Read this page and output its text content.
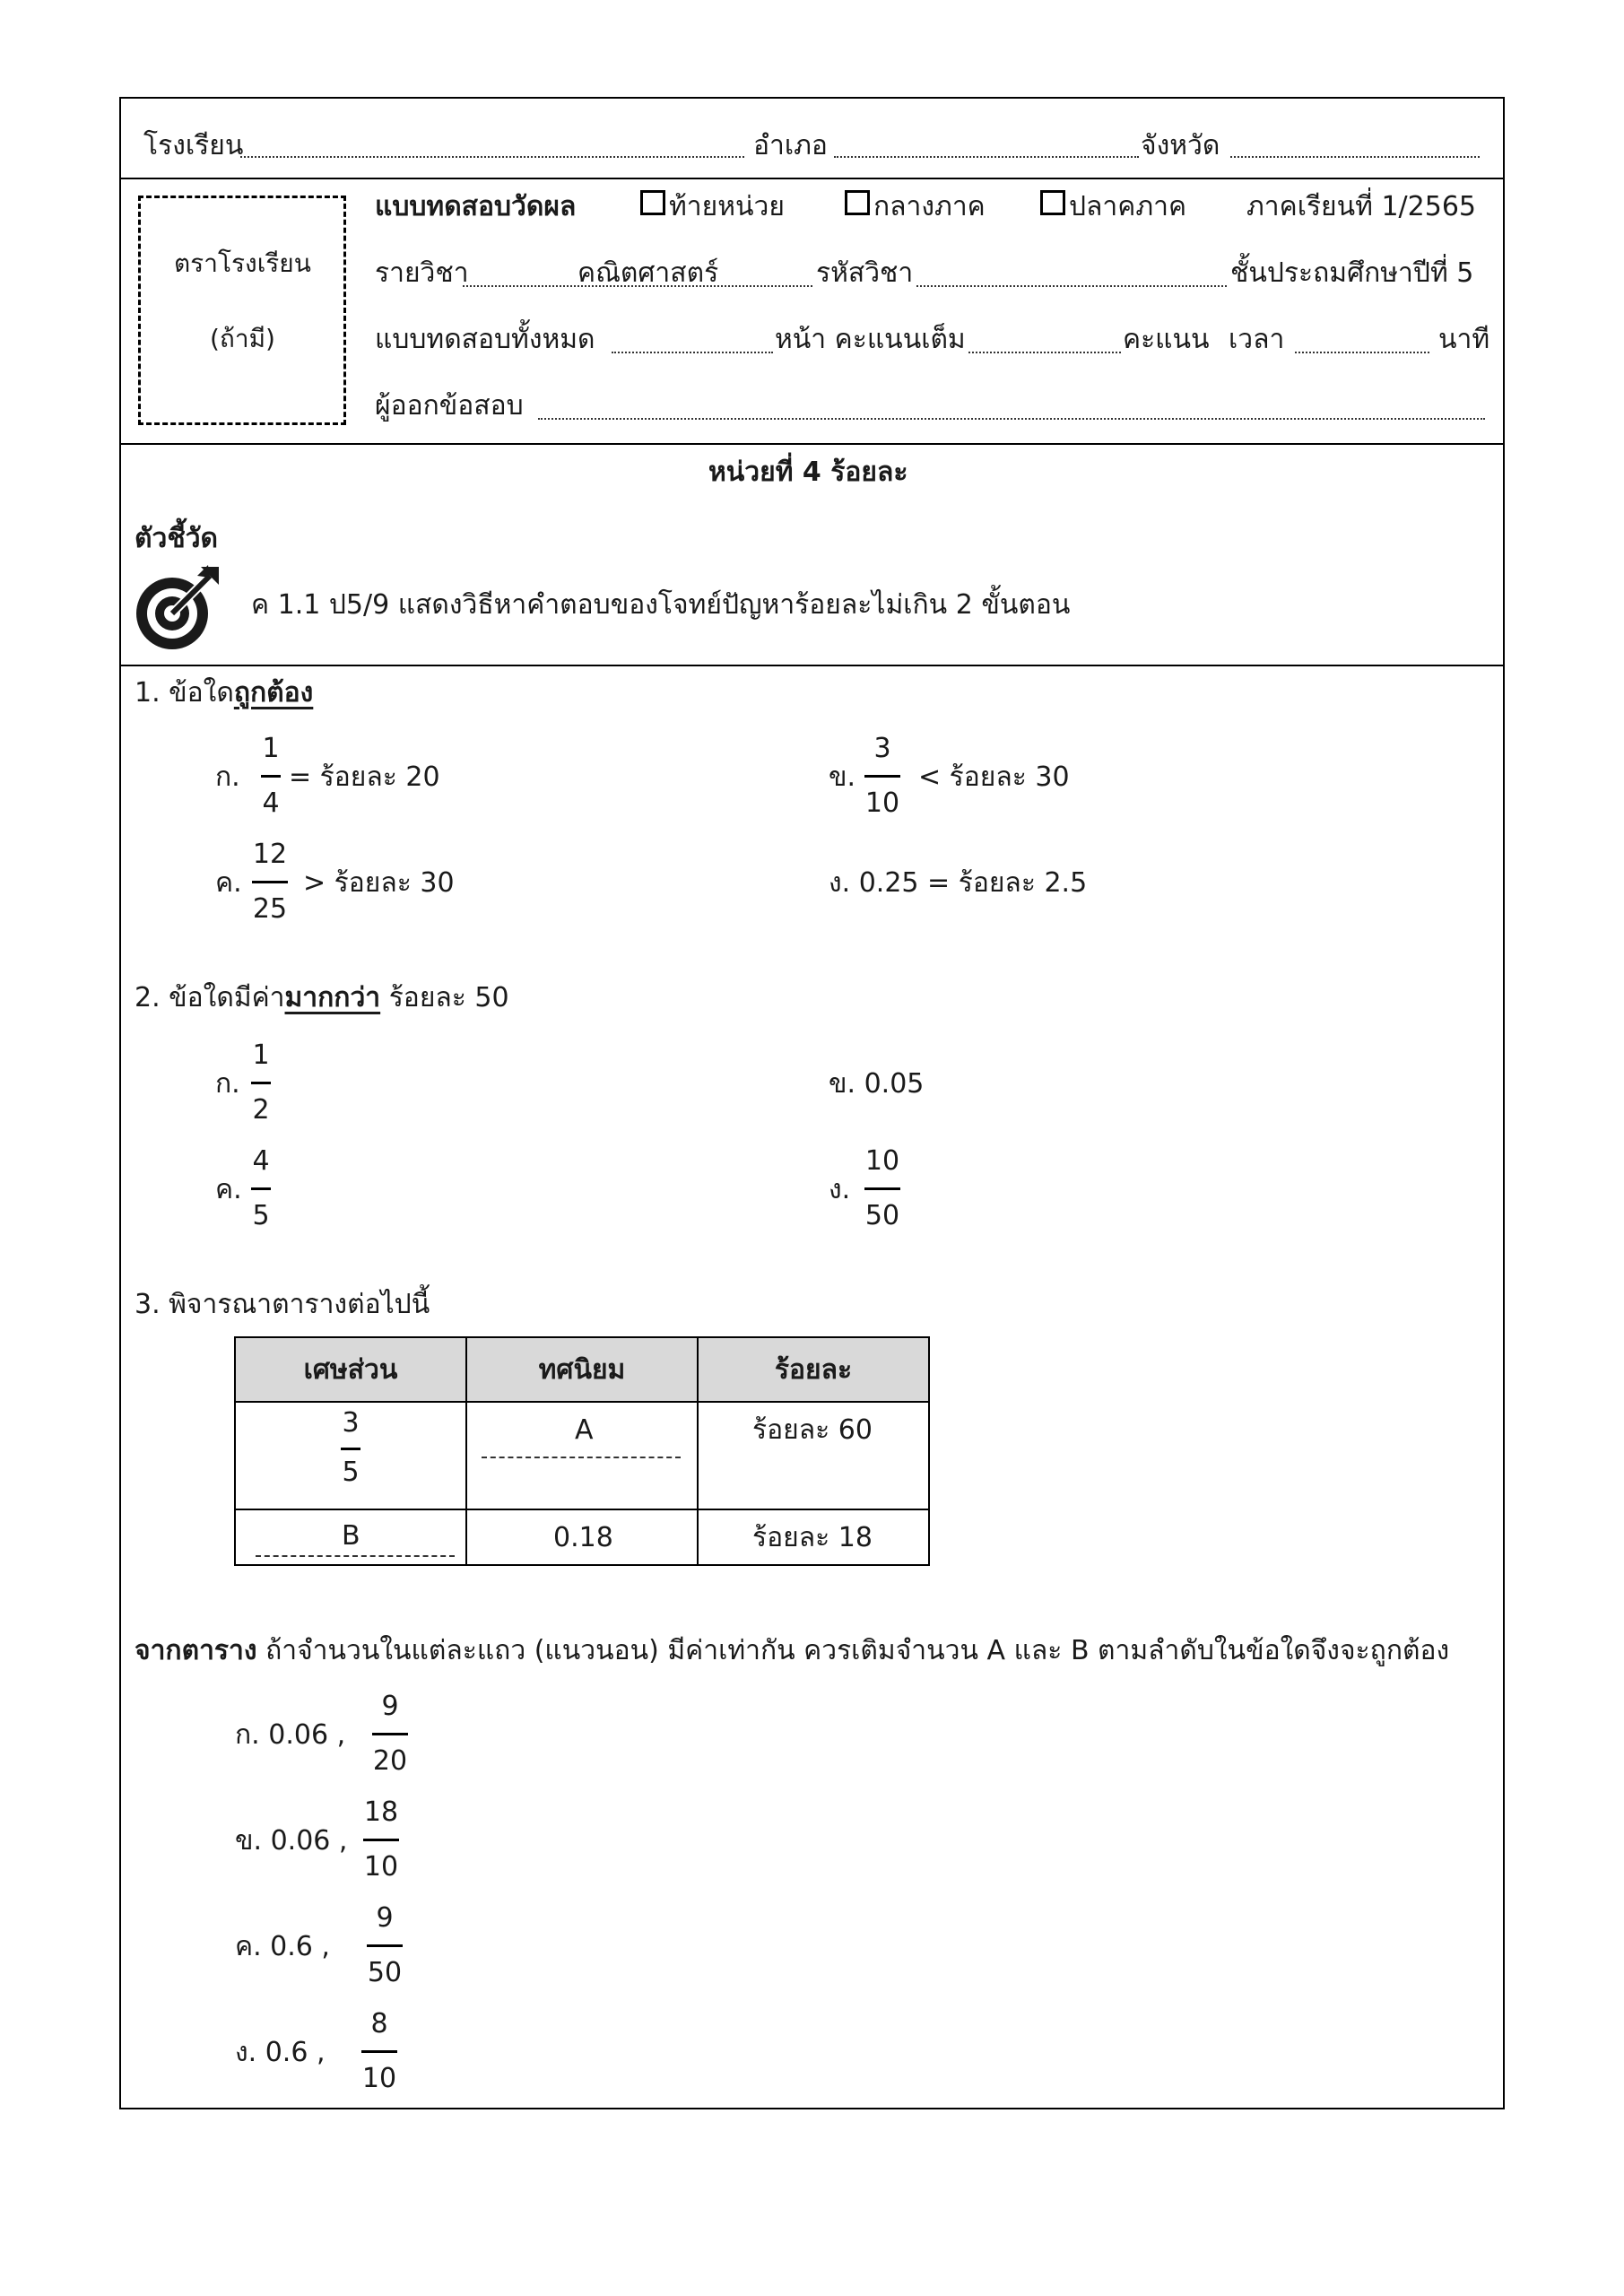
โรงเรียน	อำเภอ	จังหวัด
ตราโรงเรียน
(ถ้ามี)
แบบทดสอบวัดผล	ท้ายหน่วย	กลางภาค	ปลาคภาค ภาคเรียนที่ 1/2565
รายวิชา	คณิตศาสตร์	รหัสวิชา	ชั้นประถมศึกษาปีที่ 5
แบบทดสอบทั้งหมด	หน้า คะแนนเต็ม	คะแนน เวลา	นาที
ผู้ออกข้อสอบ
หน่วยที่ 4 ร้อยละ
ตัวชี้วัด
ค 1.1 ป5/9 แสดงวิธีหาคำตอบของโจทย์ปัญหาร้อยละไม่เกิน 2 ขั้นตอน
1. ข้อใดถูกต้อง
ก.
1
4
= ร้อยละ 20	ข.
3
10
< ร้อยละ 30
ค.
12
25
> ร้อยละ 30	ง. 0.25 = ร้อยละ 2.5
2. ข้อใดมีค่ามากกว่า ร้อยละ 50
ก.
1
2
ข. 0.05
ค.
4
5
ง.
10
50
3. พิจารณาตารางต่อไปนี้
เศษส่วน	ทศนิยม	ร้อยละ

3
5	A	ร้อยละ 60

B	0.18	ร้อยละ 18
จากตาราง ถ้าจำนวนในแต่ละแถว (แนวนอน) มีค่าเท่ากัน ควรเติมจำนวน A และ B ตามลำดับในข้อใดจึงจะถูกต้อง
ก. 0.06 ,
9
20
ข. 0.06 ,
18
10
ค. 0.6 ,
9
50
ง. 0.6 ,
8
10
